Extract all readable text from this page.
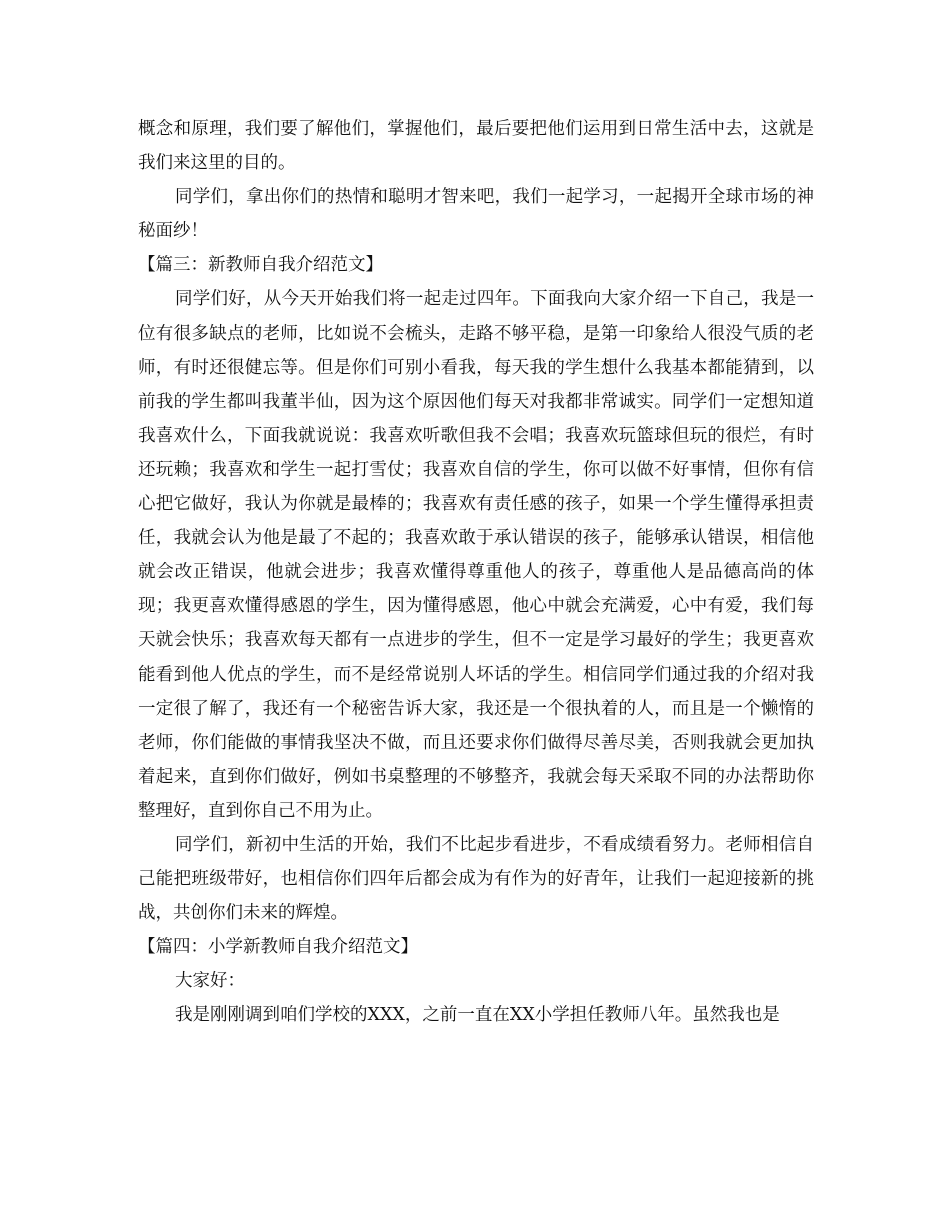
概念和原理，我们要了解他们，掌握他们，最后要把他们运用到日常生活中去，这就是我们来这里的目的。

同学们，拿出你们的热情和聪明才智来吧，我们一起学习，一起揭开全球市场的神秘面纱！

【篇三：新教师自我介绍范文】

同学们好，从今天开始我们将一起走过四年。下面我向大家介绍一下自己，我是一位有很多缺点的老师，比如说不会梳头，走路不够平稳，是第一印象给人很没气质的老师，有时还很健忘等。但是你们可别小看我，每天我的学生想什么我基本都能猜到，以前我的学生都叫我董半仙，因为这个原因他们每天对我都非常诚实。同学们一定想知道我喜欢什么，下面我就说说：我喜欢听歌但我不会唱；我喜欢玩篮球但玩的很烂，有时还玩赖；我喜欢和学生一起打雪仗；我喜欢自信的学生，你可以做不好事情，但你有信心把它做好，我认为你就是最棒的；我喜欢有责任感的孩子，如果一个学生懂得承担责任，我就会认为他是最了不起的；我喜欢敢于承认错误的孩子，能够承认错误，相信他就会改正错误，他就会进步；我喜欢懂得尊重他人的孩子，尊重他人是品德高尚的体现；我更喜欢懂得感恩的学生，因为懂得感恩，他心中就会充满爱，心中有爱，我们每天就会快乐；我喜欢每天都有一点进步的学生，但不一定是学习最好的学生；我更喜欢能看到他人优点的学生，而不是经常说别人坏话的学生。相信同学们通过我的介绍对我一定很了解了，我还有一个秘密告诉大家，我还是一个很执着的人，而且是一个懒惰的老师，你们能做的事情我坚决不做，而且还要求你们做得尽善尽美，否则我就会更加执着起来，直到你们做好，例如书桌整理的不够整齐，我就会每天采取不同的办法帮助你整理好，直到你自己不用为止。

同学们，新初中生活的开始，我们不比起步看进步，不看成绩看努力。老师相信自己能把班级带好，也相信你们四年后都会成为有作为的好青年，让我们一起迎接新的挑战，共创你们未来的辉煌。

【篇四：小学新教师自我介绍范文】

大家好：

我是刚刚调到咱们学校的XXX，之前一直在XX小学担任教师八年。虽然我也是
